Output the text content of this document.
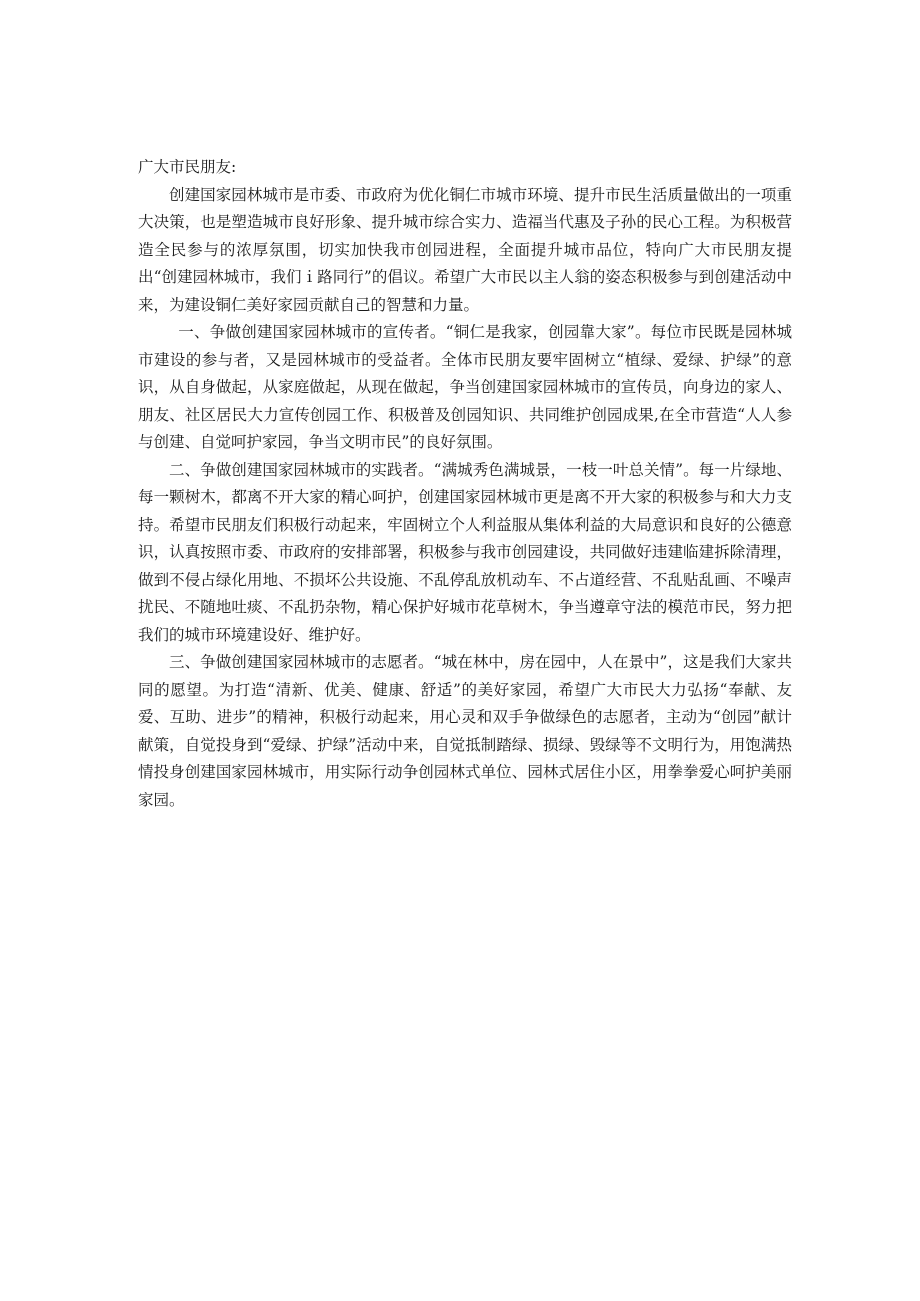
广大市民朋友:

创建国家园林城市是市委、市政府为优化铜仁市城市环境、提升市民生活质量做出的一项重大决策，也是塑造城市良好形象、提升城市综合实力、造福当代惠及子孙的民心工程。为积极营造全民参与的浓厚氛围，切实加快我市创园进程，全面提升城市品位，特向广大市民朋友提出“创建园林城市，我们ｉ路同行”的倡议。希望广大市民以主人翁的姿态积极参与到创建活动中来，为建设铜仁美好家园贡献自己的智慧和力量。

一、争做创建国家园林城市的宣传者。“铜仁是我家，创园靠大家”。每位市民既是园林城市建设的参与者，又是园林城市的受益者。全体市民朋友要牢固树立“植绿、爱绿、护绿”的意识，从自身做起，从家庭做起，从现在做起，争当创建国家园林城市的宣传员，向身边的家人、朋友、社区居民大力宣传创园工作、积极普及创园知识、共同维护创园成果,在全市营造“人人参与创建、自觉呵护家园，争当文明市民”的良好氛围。

二、争做创建国家园林城市的实践者。“满城秀色满城景，一枝一叶总关情”。每一片绿地、每一颗树木，都离不开大家的精心呵护，创建国家园林城市更是离不开大家的积极参与和大力支持。希望市民朋友们积极行动起来，牢固树立个人利益服从集体利益的大局意识和良好的公德意识，认真按照市委、市政府的安排部署，积极参与我市创园建设，共同做好违建临建拆除清理，做到不侵占绿化用地、不损坏公共设施、不乱停乱放机动车、不占道经营、不乱贴乱画、不噪声扰民、不随地吐痰、不乱扔杂物，精心保护好城市花草树木，争当遵章守法的模范市民，努力把我们的城市环境建设好、维护好。

三、争做创建国家园林城市的志愿者。“城在林中，房在园中，人在景中”，这是我们大家共同的愿望。为打造“清新、优美、健康、舒适”的美好家园，希望广大市民大力弘扬“奉献、友爱、互助、进步”的精神，积极行动起来，用心灵和双手争做绿色的志愿者，主动为“创园”献计献策，自觉投身到“爱绿、护绿”活动中来，自觉抵制踏绿、损绿、毁绿等不文明行为，用饱满热情投身创建国家园林城市，用实际行动争创园林式单位、园林式居住小区，用拳拳爱心呵护美丽家园。
